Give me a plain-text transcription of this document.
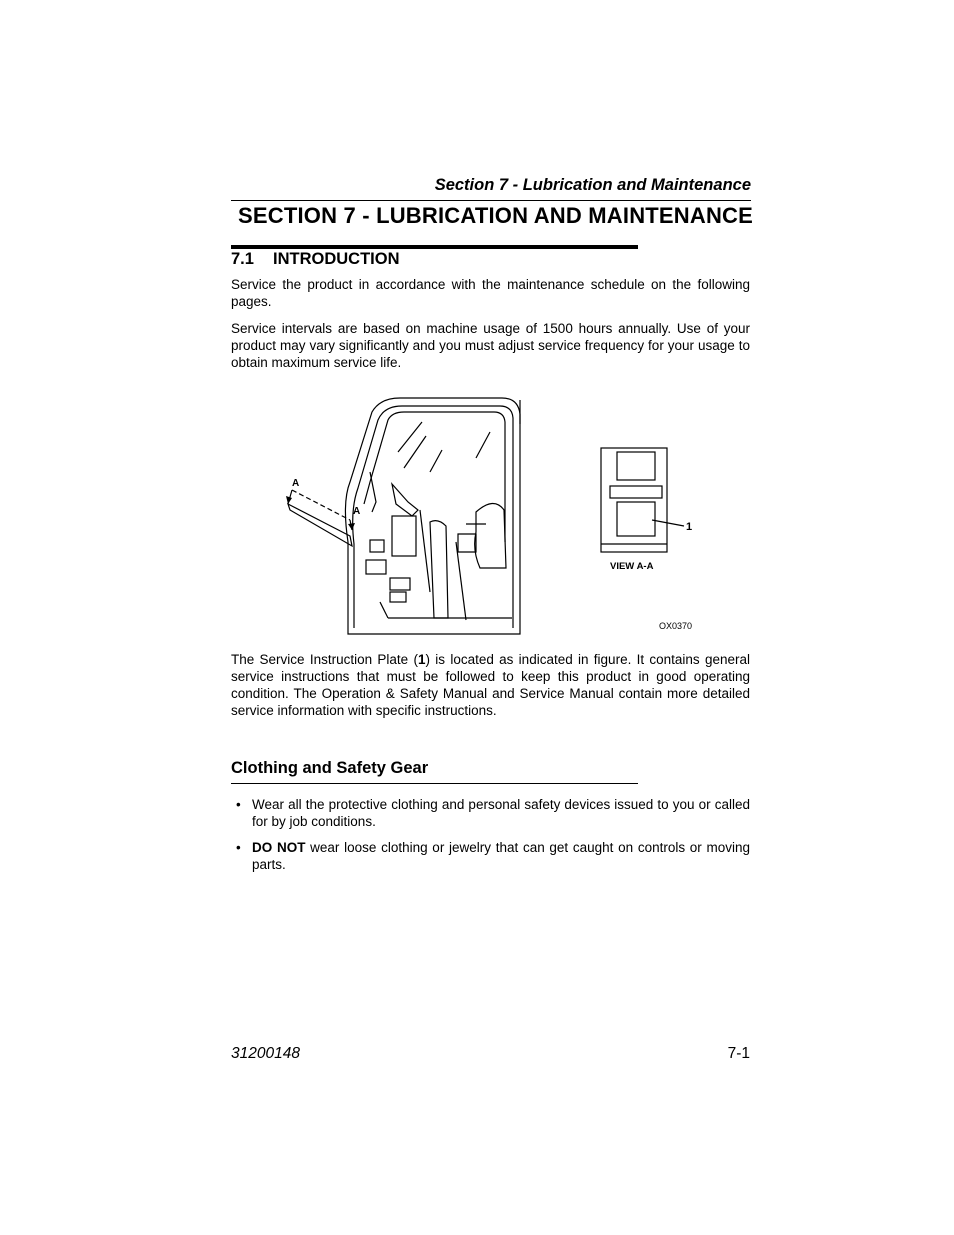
Section 7 - Lubrication and Maintenance
SECTION 7 - LUBRICATION AND MAINTENANCE
7.1 INTRODUCTION
Service the product in accordance with the maintenance schedule on the following pages.
Service intervals are based on machine usage of 1500 hours annually. Use of your product may vary significantly and you must adjust service frequency for your usage to obtain maximum service life.
A
A
1
VIEW A-A
OX0370
The Service Instruction Plate (1) is located as indicated in figure. It contains general service instructions that must be followed to keep this product in good operating condition. The Operation & Safety Manual and Service Manual contain more detailed service information with specific instructions.
Clothing and Safety Gear
• Wear all the protective clothing and personal safety devices issued to you or called for by job conditions.
• DO NOT wear loose clothing or jewelry that can get caught on controls or moving parts.
31200148	7-1
